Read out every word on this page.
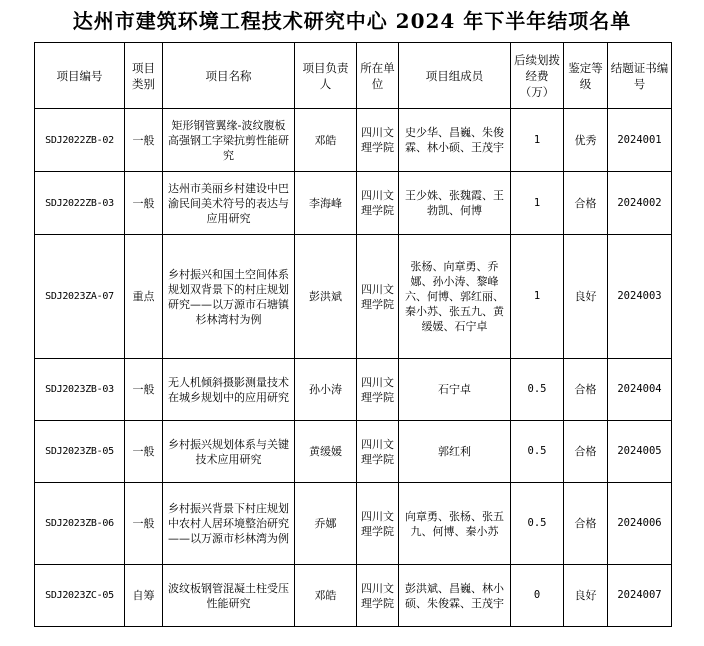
达州市建筑环境工程技术研究中心 2024 年下半年结项名单
项目编号	项目类别	项目名称	项目负责人	所在单位	项目组成员	后续划拨经费（万）	鉴定等级	结题证书编号
SDJ2022ZB-02	一般	矩形钢管翼缘-波纹腹板高强钢工字梁抗剪性能研究	邓皓	四川文理学院	史少华、昌巍、朱俊霖、林小硕、王茂宇	1	优秀	2024001
SDJ2022ZB-03	一般	达州市美丽乡村建设中巴渝民间美术符号的表达与应用研究	李海峰	四川文理学院	王少姝、张魏霞、王勃凯、何博	1	合格	2024002
SDJ2023ZA-07	重点	乡村振兴和国土空间体系规划双背景下的村庄规划研究——以万源市石塘镇杉林湾村为例	彭洪斌	四川文理学院	张杨、向章勇、乔娜、孙小涛、黎峰六、何博、郭红丽、秦小苏、张五九、黄缓媛、石宁卓	1	良好	2024003
SDJ2023ZB-03	一般	无人机倾斜摄影测量技术在城乡规划中的应用研究	孙小涛	四川文理学院	石宁卓	0.5	合格	2024004
SDJ2023ZB-05	一般	乡村振兴规划体系与关键技术应用研究	黄缓媛	四川文理学院	郭红利	0.5	合格	2024005
SDJ2023ZB-06	一般	乡村振兴背景下村庄规划中农村人居环境整治研究——以万源市杉林湾为例	乔娜	四川文理学院	向章勇、张杨、张五九、何博、秦小苏	0.5	合格	2024006
SDJ2023ZC-05	自筹	波纹板钢管混凝土柱受压性能研究	邓皓	四川文理学院	彭洪斌、昌巍、林小硕、朱俊霖、王茂宇	0	良好	2024007
